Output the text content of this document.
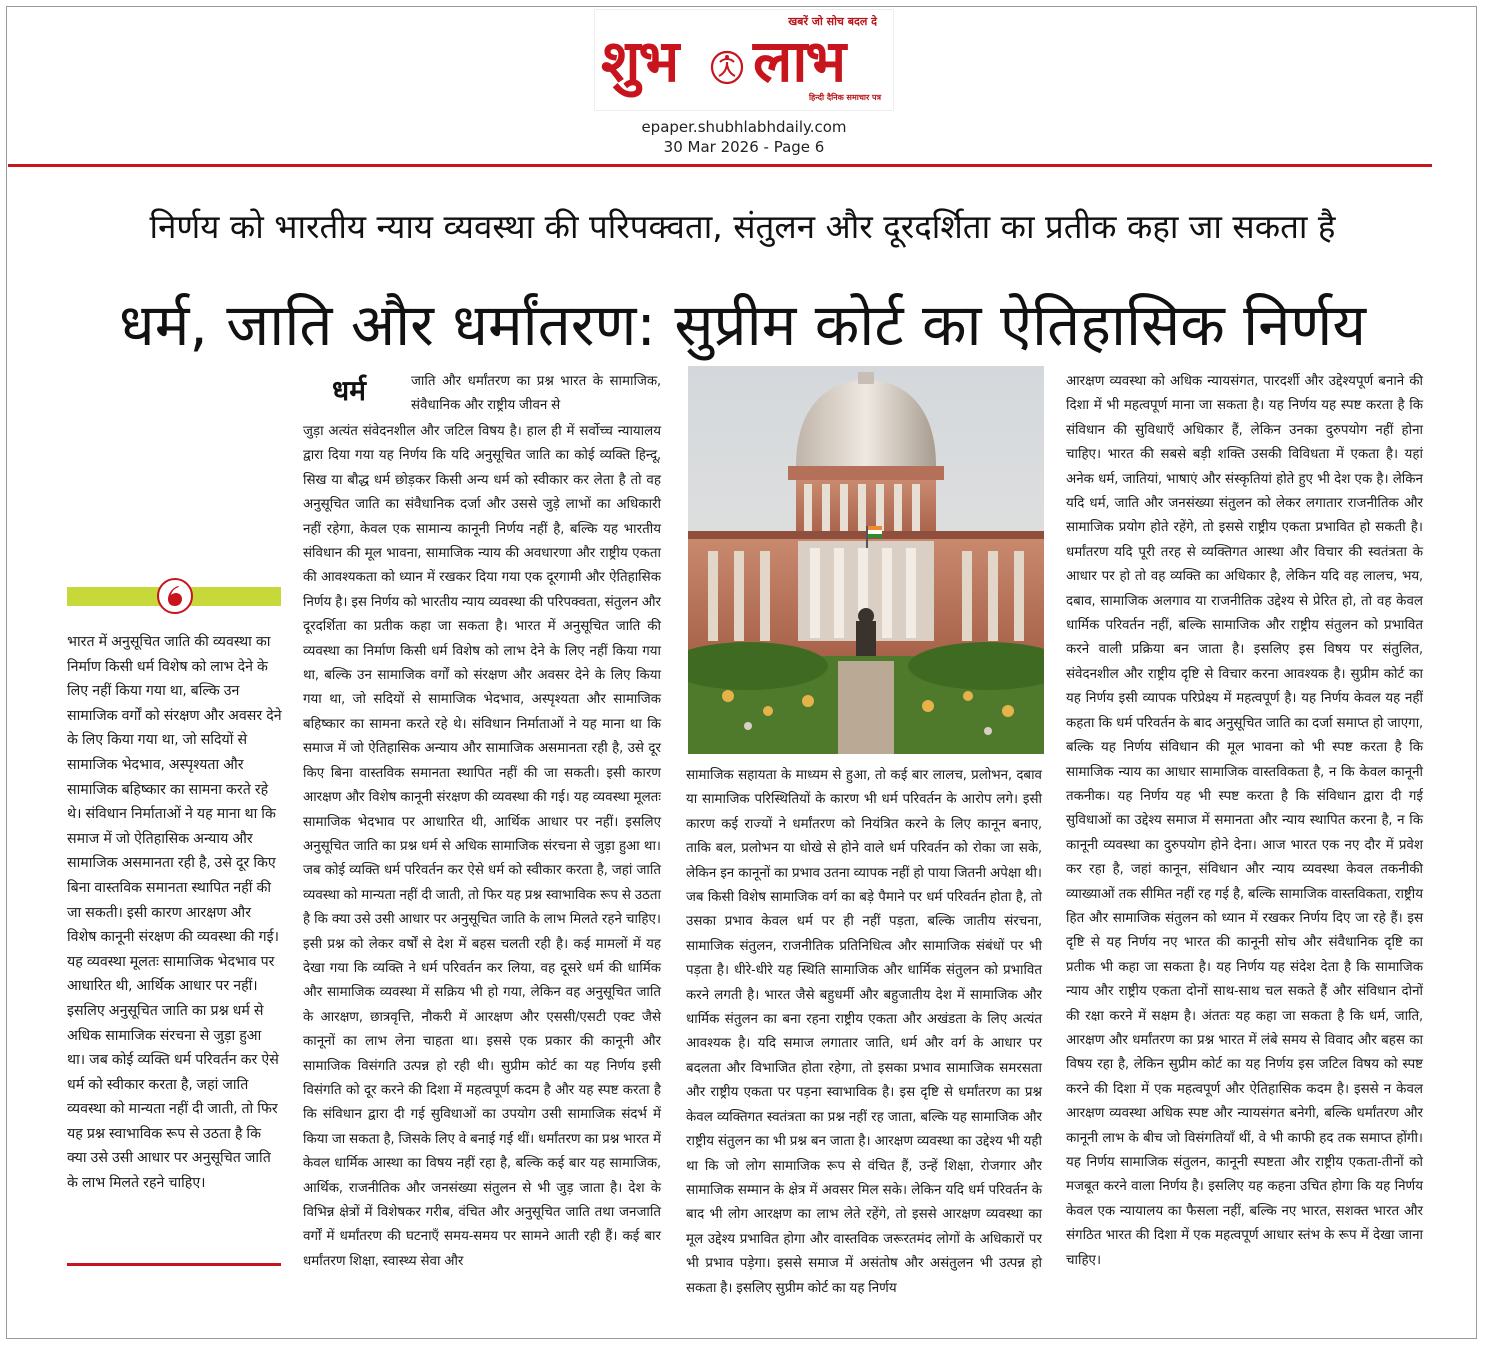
खबरें जो सोच बदल दे
शुभ लाभ
हिन्दी दैनिक समाचार पत्र
epaper.shubhlabhdaily.com
30 Mar 2026 - Page 6
निर्णय को भारतीय न्याय व्यवस्था की परिपक्वता, संतुलन और दूरदर्शिता का प्रतीक कहा जा सकता है
धर्म, जाति और धर्मांतरण: सुप्रीम कोर्ट का ऐतिहासिक निर्णय
भारत में अनुसूचित जाति की व्यवस्था का निर्माण किसी धर्म विशेष को लाभ देने के लिए नहीं किया गया था, बल्कि उन सामाजिक वर्गों को संरक्षण और अवसर देने के लिए किया गया था, जो सदियों से सामाजिक भेदभाव, अस्पृश्यता और सामाजिक बहिष्कार का सामना करते रहे थे। संविधान निर्माताओं ने यह माना था कि समाज में जो ऐतिहासिक अन्याय और सामाजिक असमानता रही है, उसे दूर किए बिना वास्तविक समानता स्थापित नहीं की जा सकती। इसी कारण आरक्षण और विशेष कानूनी संरक्षण की व्यवस्था की गई। यह व्यवस्था मूलतः सामाजिक भेदभाव पर आधारित थी, आर्थिक आधार पर नहीं। इसलिए अनुसूचित जाति का प्रश्न धर्म से अधिक सामाजिक संरचना से जुड़ा हुआ था। जब कोई व्यक्ति धर्म परिवर्तन कर ऐसे धर्म को स्वीकार करता है, जहां जाति व्यवस्था को मान्यता नहीं दी जाती, तो फिर यह प्रश्न स्वाभाविक रूप से उठता है कि क्या उसे उसी आधार पर अनुसूचित जाति के लाभ मिलते रहने चाहिए।
धर्म	जाति और धर्मांतरण का प्रश्न भारत के सामाजिक, संवैधानिक और राष्ट्रीय जीवन से
जुड़ा अत्यंत संवेदनशील और जटिल विषय है। हाल ही में सर्वोच्च न्यायालय द्वारा दिया गया यह निर्णय कि यदि अनुसूचित जाति का कोई व्यक्ति हिन्दू, सिख या बौद्ध धर्म छोड़कर किसी अन्य धर्म को स्वीकार कर लेता है तो वह अनुसूचित जाति का संवैधानिक दर्जा और उससे जुड़े लाभों का अधिकारी नहीं रहेगा, केवल एक सामान्य कानूनी निर्णय नहीं है, बल्कि यह भारतीय संविधान की मूल भावना, सामाजिक न्याय की अवधारणा और राष्ट्रीय एकता की आवश्यकता को ध्यान में रखकर दिया गया एक दूरगामी और ऐतिहासिक निर्णय है। इस निर्णय को भारतीय न्याय व्यवस्था की परिपक्वता, संतुलन और दूरदर्शिता का प्रतीक कहा जा सकता है। भारत में अनुसूचित जाति की व्यवस्था का निर्माण किसी धर्म विशेष को लाभ देने के लिए नहीं किया गया था, बल्कि उन सामाजिक वर्गों को संरक्षण और अवसर देने के लिए किया गया था, जो सदियों से सामाजिक भेदभाव, अस्पृश्यता और सामाजिक बहिष्कार का सामना करते रहे थे। संविधान निर्माताओं ने यह माना था कि समाज में जो ऐतिहासिक अन्याय और सामाजिक असमानता रही है, उसे दूर किए बिना वास्तविक समानता स्थापित नहीं की जा सकती। इसी कारण आरक्षण और विशेष कानूनी संरक्षण की व्यवस्था की गई। यह व्यवस्था मूलतः सामाजिक भेदभाव पर आधारित थी, आर्थिक आधार पर नहीं। इसलिए अनुसूचित जाति का प्रश्न धर्म से अधिक सामाजिक संरचना से जुड़ा हुआ था। जब कोई व्यक्ति धर्म परिवर्तन कर ऐसे धर्म को स्वीकार करता है, जहां जाति व्यवस्था को मान्यता नहीं दी जाती, तो फिर यह प्रश्न स्वाभाविक रूप से उठता है कि क्या उसे उसी आधार पर अनुसूचित जाति के लाभ मिलते रहने चाहिए। इसी प्रश्न को लेकर वर्षों से देश में बहस चलती रही है। कई मामलों में यह देखा गया कि व्यक्ति ने धर्म परिवर्तन कर लिया, वह दूसरे धर्म की धार्मिक और सामाजिक व्यवस्था में सक्रिय भी हो गया, लेकिन वह अनुसूचित जाति के आरक्षण, छात्रवृत्ति, नौकरी में आरक्षण और एससी/एसटी एक्ट जैसे कानूनों का लाभ लेना चाहता था। इससे एक प्रकार की कानूनी और सामाजिक विसंगति उत्पन्न हो रही थी। सुप्रीम कोर्ट का यह निर्णय इसी विसंगति को दूर करने की दिशा में महत्वपूर्ण कदम है और यह स्पष्ट करता है कि संविधान द्वारा दी गई सुविधाओं का उपयोग उसी सामाजिक संदर्भ में किया जा सकता है, जिसके लिए वे बनाई गई थीं। धर्मांतरण का प्रश्न भारत में केवल धार्मिक आस्था का विषय नहीं रहा है, बल्कि कई बार यह सामाजिक, आर्थिक, राजनीतिक और जनसंख्या संतुलन से भी जुड़ जाता है। देश के विभिन्न क्षेत्रों में विशेषकर गरीब, वंचित और अनुसूचित जाति तथा जनजाति वर्गों में धर्मांतरण की घटनाएँ समय-समय पर सामने आती रही हैं। कई बार धर्मांतरण शिक्षा, स्वास्थ्य सेवा और
सामाजिक सहायता के माध्यम से हुआ, तो कई बार लालच, प्रलोभन, दबाव या सामाजिक परिस्थितियों के कारण भी धर्म परिवर्तन के आरोप लगे। इसी कारण कई राज्यों ने धर्मांतरण को नियंत्रित करने के लिए कानून बनाए, ताकि बल, प्रलोभन या धोखे से होने वाले धर्म परिवर्तन को रोका जा सके, लेकिन इन कानूनों का प्रभाव उतना व्यापक नहीं हो पाया जितनी अपेक्षा थी। जब किसी विशेष सामाजिक वर्ग का बड़े पैमाने पर धर्म परिवर्तन होता है, तो उसका प्रभाव केवल धर्म पर ही नहीं पड़ता, बल्कि जातीय संरचना, सामाजिक संतुलन, राजनीतिक प्रतिनिधित्व और सामाजिक संबंधों पर भी पड़ता है। धीरे-धीरे यह स्थिति सामाजिक और धार्मिक संतुलन को प्रभावित करने लगती है। भारत जैसे बहुधर्मी और बहुजातीय देश में सामाजिक और धार्मिक संतुलन का बना रहना राष्ट्रीय एकता और अखंडता के लिए अत्यंत आवश्यक है। यदि समाज लगातार जाति, धर्म और वर्ग के आधार पर बदलता और विभाजित होता रहेगा, तो इसका प्रभाव सामाजिक समरसता और राष्ट्रीय एकता पर पड़ना स्वाभाविक है। इस दृष्टि से धर्मांतरण का प्रश्न केवल व्यक्तिगत स्वतंत्रता का प्रश्न नहीं रह जाता, बल्कि यह सामाजिक और राष्ट्रीय संतुलन का भी प्रश्न बन जाता है। आरक्षण व्यवस्था का उद्देश्य भी यही था कि जो लोग सामाजिक रूप से वंचित हैं, उन्हें शिक्षा, रोजगार और सामाजिक सम्मान के क्षेत्र में अवसर मिल सके। लेकिन यदि धर्म परिवर्तन के बाद भी लोग आरक्षण का लाभ लेते रहेंगे, तो इससे आरक्षण व्यवस्था का मूल उद्देश्य प्रभावित होगा और वास्तविक जरूरतमंद लोगों के अधिकारों पर भी प्रभाव पड़ेगा। इससे समाज में असंतोष और असंतुलन भी उत्पन्न हो सकता है। इसलिए सुप्रीम कोर्ट का यह निर्णय
आरक्षण व्यवस्था को अधिक न्यायसंगत, पारदर्शी और उद्देश्यपूर्ण बनाने की दिशा में भी महत्वपूर्ण माना जा सकता है। यह निर्णय यह स्पष्ट करता है कि संविधान की सुविधाएँ अधिकार हैं, लेकिन उनका दुरुपयोग नहीं होना चाहिए। भारत की सबसे बड़ी शक्ति उसकी विविधता में एकता है। यहां अनेक धर्म, जातियां, भाषाएं और संस्कृतियां होते हुए भी देश एक है। लेकिन यदि धर्म, जाति और जनसंख्या संतुलन को लेकर लगातार राजनीतिक और सामाजिक प्रयोग होते रहेंगे, तो इससे राष्ट्रीय एकता प्रभावित हो सकती है। धर्मांतरण यदि पूरी तरह से व्यक्तिगत आस्था और विचार की स्वतंत्रता के आधार पर हो तो वह व्यक्ति का अधिकार है, लेकिन यदि वह लालच, भय, दबाव, सामाजिक अलगाव या राजनीतिक उद्देश्य से प्रेरित हो, तो वह केवल धार्मिक परिवर्तन नहीं, बल्कि सामाजिक और राष्ट्रीय संतुलन को प्रभावित करने वाली प्रक्रिया बन जाता है। इसलिए इस विषय पर संतुलित, संवेदनशील और राष्ट्रीय दृष्टि से विचार करना आवश्यक है। सुप्रीम कोर्ट का यह निर्णय इसी व्यापक परिप्रेक्ष्य में महत्वपूर्ण है। यह निर्णय केवल यह नहीं कहता कि धर्म परिवर्तन के बाद अनुसूचित जाति का दर्जा समाप्त हो जाएगा, बल्कि यह निर्णय संविधान की मूल भावना को भी स्पष्ट करता है कि सामाजिक न्याय का आधार सामाजिक वास्तविकता है, न कि केवल कानूनी तकनीक। यह निर्णय यह भी स्पष्ट करता है कि संविधान द्वारा दी गई सुविधाओं का उद्देश्य समाज में समानता और न्याय स्थापित करना है, न कि कानूनी व्यवस्था का दुरुपयोग होने देना। आज भारत एक नए दौर में प्रवेश कर रहा है, जहां कानून, संविधान और न्याय व्यवस्था केवल तकनीकी व्याख्याओं तक सीमित नहीं रह गई है, बल्कि सामाजिक वास्तविकता, राष्ट्रीय हित और सामाजिक संतुलन को ध्यान में रखकर निर्णय दिए जा रहे हैं। इस दृष्टि से यह निर्णय नए भारत की कानूनी सोच और संवैधानिक दृष्टि का प्रतीक भी कहा जा सकता है। यह निर्णय यह संदेश देता है कि सामाजिक न्याय और राष्ट्रीय एकता दोनों साथ-साथ चल सकते हैं और संविधान दोनों की रक्षा करने में सक्षम है। अंततः यह कहा जा सकता है कि धर्म, जाति, आरक्षण और धर्मांतरण का प्रश्न भारत में लंबे समय से विवाद और बहस का विषय रहा है, लेकिन सुप्रीम कोर्ट का यह निर्णय इस जटिल विषय को स्पष्ट करने की दिशा में एक महत्वपूर्ण और ऐतिहासिक कदम है। इससे न केवल आरक्षण व्यवस्था अधिक स्पष्ट और न्यायसंगत बनेगी, बल्कि धर्मांतरण और कानूनी लाभ के बीच जो विसंगतियाँ थीं, वे भी काफी हद तक समाप्त होंगी। यह निर्णय सामाजिक संतुलन, कानूनी स्पष्टता और राष्ट्रीय एकता-तीनों को मजबूत करने वाला निर्णय है। इसलिए यह कहना उचित होगा कि यह निर्णय केवल एक न्यायालय का फैसला नहीं, बल्कि नए भारत, सशक्त भारत और संगठित भारत की दिशा में एक महत्वपूर्ण आधार स्तंभ के रूप में देखा जाना चाहिए।
